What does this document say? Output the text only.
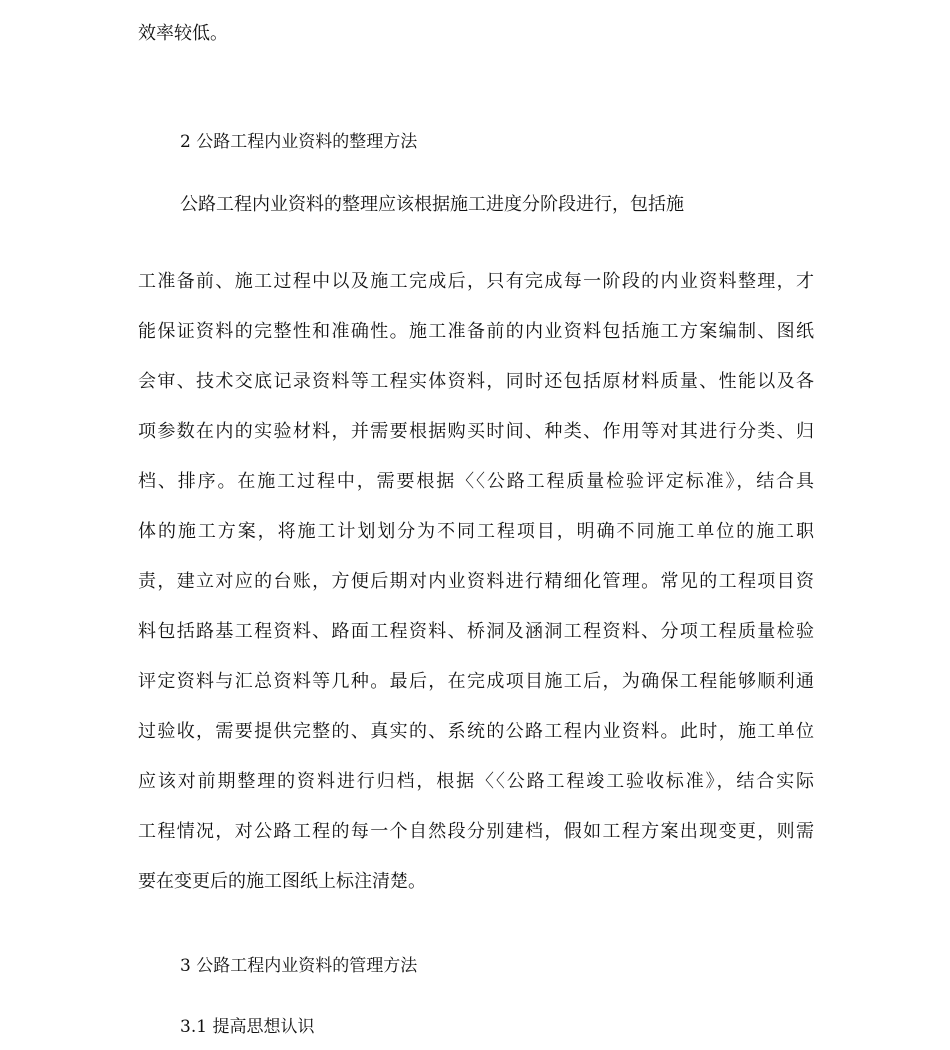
效率较低。
2 公路工程内业资料的整理方法
公路工程内业资料的整理应该根据施工进度分阶段进行，包括施
工准备前、施工过程中以及施工完成后，只有完成每一阶段的内业资料整理，才
能保证资料的完整性和准确性。施工准备前的内业资料包括施工方案编制、图纸
会审、技术交底记录资料等工程实体资料，同时还包括原材料质量、性能以及各
项参数在内的实验材料，并需要根据购买时间、种类、作用等对其进行分类、归
档、排序。在施工过程中，需要根据〈〈公路工程质量检验评定标准》，结合具
体的施工方案，将施工计划划分为不同工程项目，明确不同施工单位的施工职
责，建立对应的台账，方便后期对内业资料进行精细化管理。常见的工程项目资
料包括路基工程资料、路面工程资料、桥洞及涵洞工程资料、分项工程质量检验
评定资料与汇总资料等几种。最后，在完成项目施工后，为确保工程能够顺利通
过验收，需要提供完整的、真实的、系统的公路工程内业资料。此时，施工单位
应该对前期整理的资料进行归档，根据〈〈公路工程竣工验收标准》，结合实际
工程情况，对公路工程的每一个自然段分别建档，假如工程方案出现变更，则需
要在变更后的施工图纸上标注清楚。
3 公路工程内业资料的管理方法
3.1 提高思想认识
